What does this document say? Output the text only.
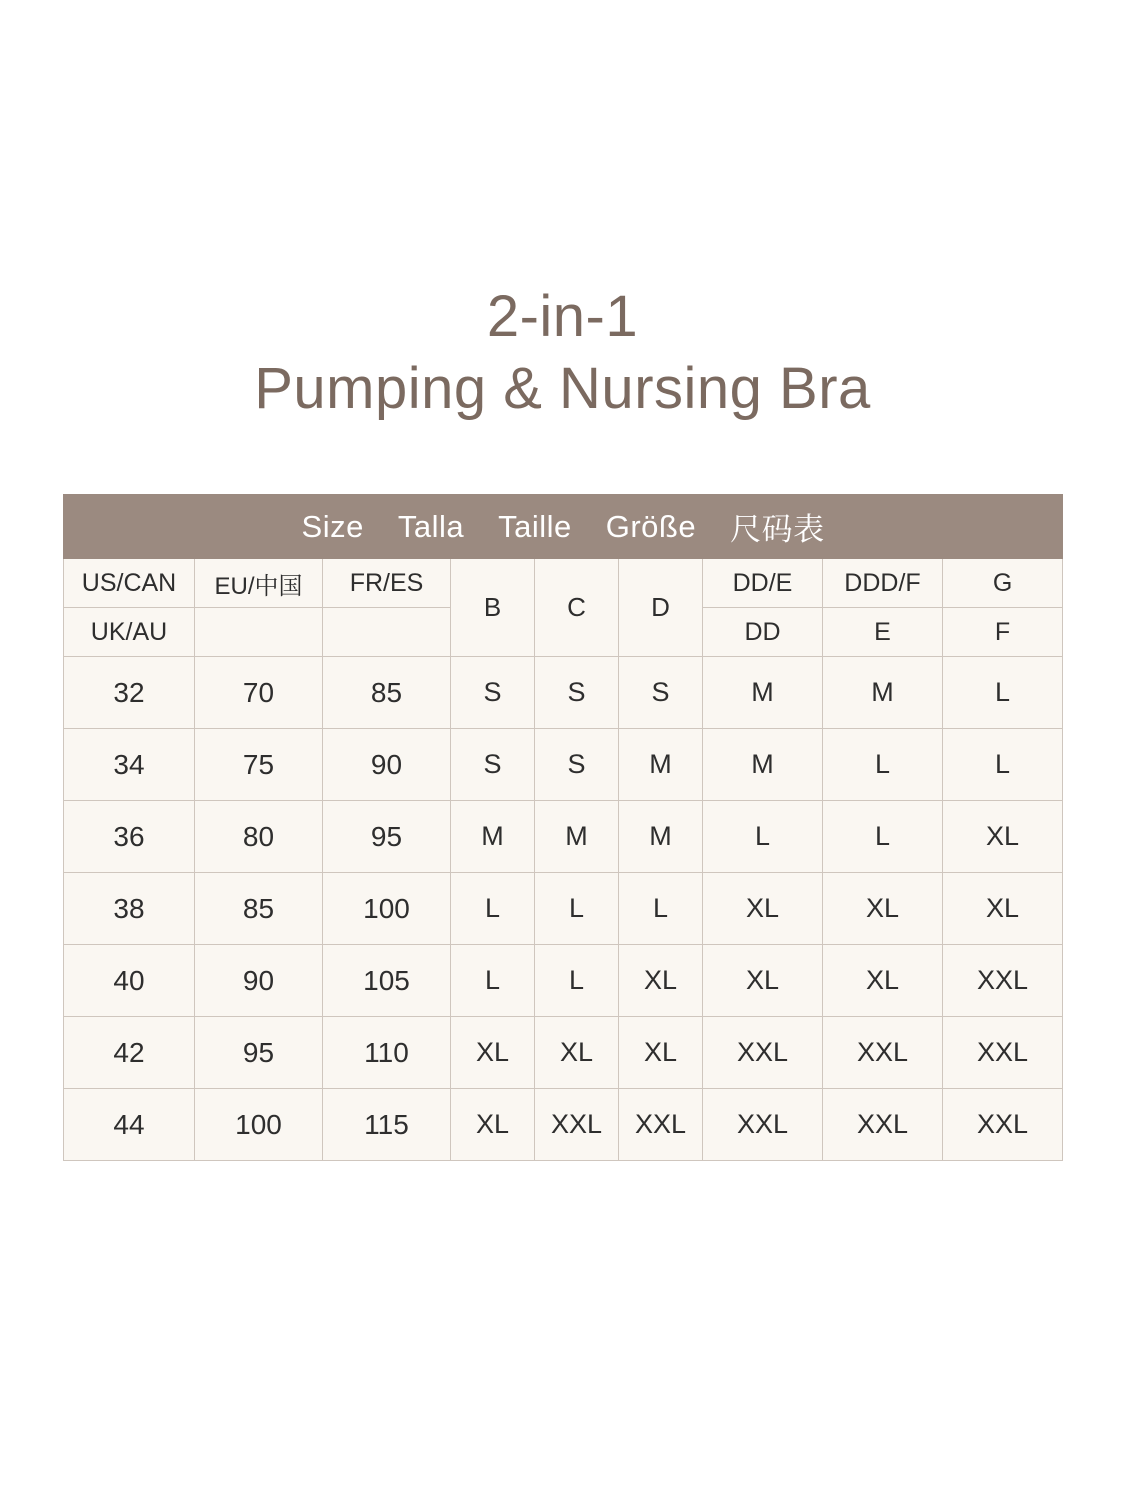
2-in-1
Pumping & Nursing Bra
Size Talla Taille Größe 尺码表								

US/CAN	EU/中国	FR/ES	B	C	D	DD/E	DDD/F	G
UK/AU						DD	E	F
32	70	85	S	S	S	M	M	L
34	75	90	S	S	M	M	L	L
36	80	95	M	M	M	L	L	XL
38	85	100	L	L	L	XL	XL	XL
40	90	105	L	L	XL	XL	XL	XXL
42	95	110	XL	XL	XL	XXL	XXL	XXL
44	100	115	XL	XXL	XXL	XXL	XXL	XXL
